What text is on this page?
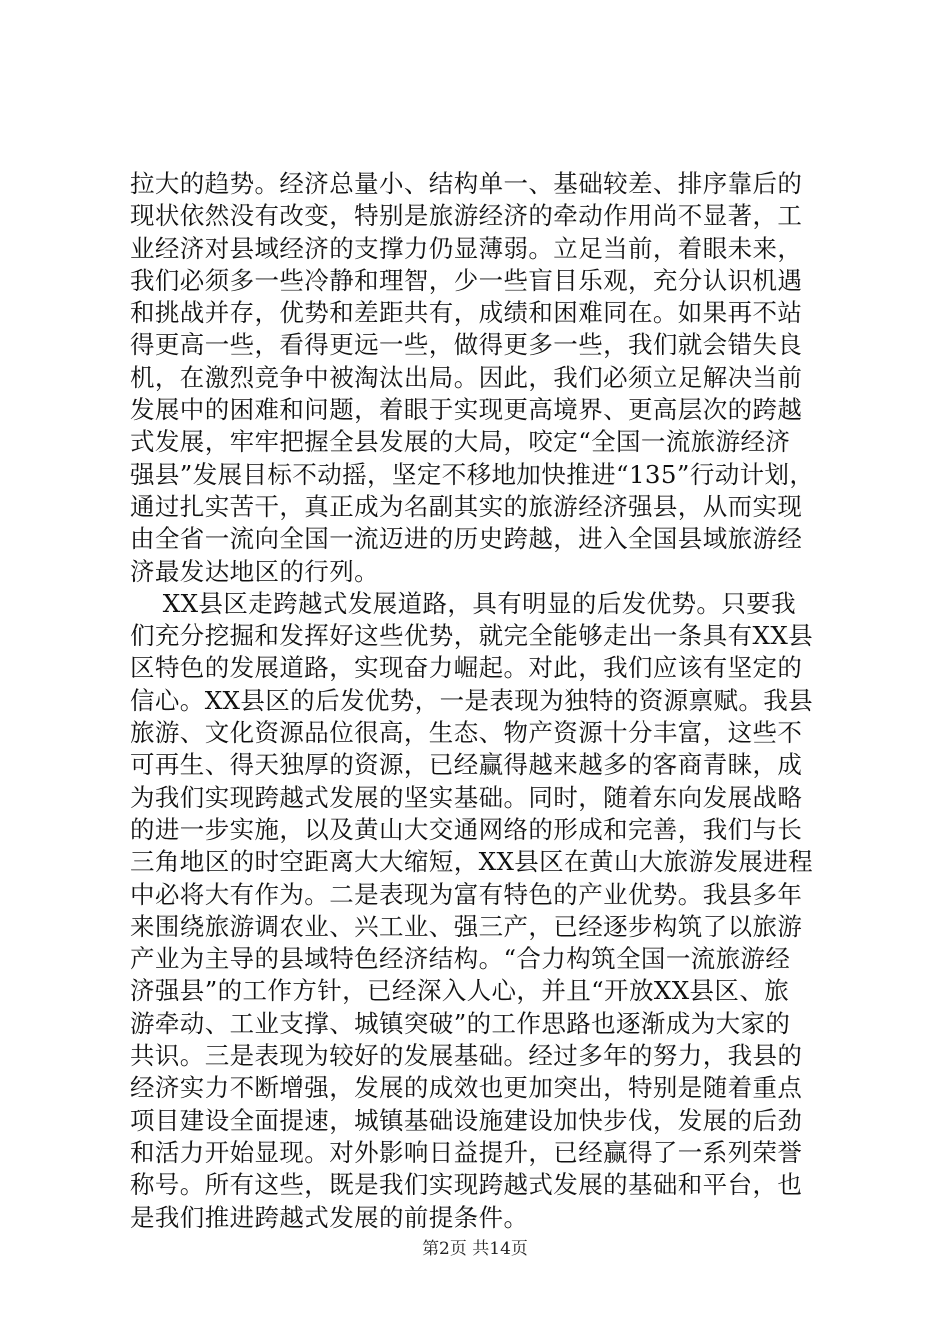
拉大的趋势。经济总量小、结构单一、基础较差、排序靠后的
现状依然没有改变，特别是旅游经济的牵动作用尚不显著，工
业经济对县域经济的支撑力仍显薄弱。立足当前，着眼未来，
我们必须多一些冷静和理智，少一些盲目乐观，充分认识机遇
和挑战并存，优势和差距共有，成绩和困难同在。如果再不站
得更高一些，看得更远一些，做得更多一些，我们就会错失良
机，在激烈竞争中被淘汰出局。因此，我们必须立足解决当前
发展中的困难和问题，着眼于实现更高境界、更高层次的跨越
式发展，牢牢把握全县发展的大局，咬定“全国一流旅游经济
强县”发展目标不动摇，坚定不移地加快推进“135”行动计划，
通过扎实苦干，真正成为名副其实的旅游经济强县，从而实现
由全省一流向全国一流迈进的历史跨越，进入全国县域旅游经
济最发达地区的行列。
XX县区走跨越式发展道路，具有明显的后发优势。只要我
们充分挖掘和发挥好这些优势，就完全能够走出一条具有XX县
区特色的发展道路，实现奋力崛起。对此，我们应该有坚定的
信心。XX县区的后发优势，一是表现为独特的资源禀赋。我县
旅游、文化资源品位很高，生态、物产资源十分丰富，这些不
可再生、得天独厚的资源，已经赢得越来越多的客商青睐，成
为我们实现跨越式发展的坚实基础。同时，随着东向发展战略
的进一步实施，以及黄山大交通网络的形成和完善，我们与长
三角地区的时空距离大大缩短，XX县区在黄山大旅游发展进程
中必将大有作为。二是表现为富有特色的产业优势。我县多年
来围绕旅游调农业、兴工业、强三产，已经逐步构筑了以旅游
产业为主导的县域特色经济结构。“合力构筑全国一流旅游经
济强县”的工作方针，已经深入人心，并且“开放XX县区、旅
游牵动、工业支撑、城镇突破”的工作思路也逐渐成为大家的
共识。三是表现为较好的发展基础。经过多年的努力，我县的
经济实力不断增强，发展的成效也更加突出，特别是随着重点
项目建设全面提速，城镇基础设施建设加快步伐，发展的后劲
和活力开始显现。对外影响日益提升，已经赢得了一系列荣誉
称号。所有这些，既是我们实现跨越式发展的基础和平台，也
是我们推进跨越式发展的前提条件。
第2页 共14页
